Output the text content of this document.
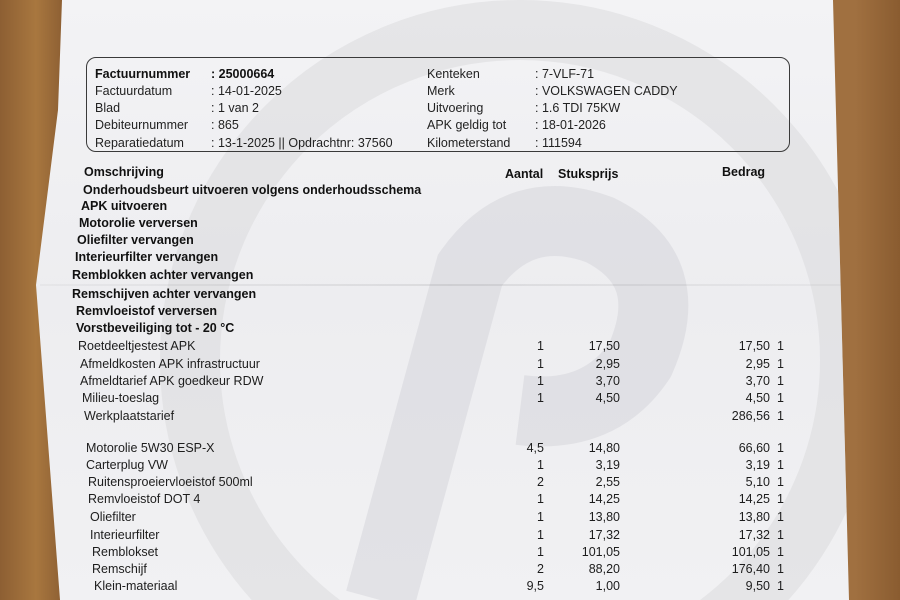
Factuurnummer : 25000664
Factuurdatum	: 14-01-2025
Blad	: 1 van 2
Debiteurnummer : 865
Reparatiedatum : 13-1-2025 || Opdrachtnr: 37560
Kenteken	: 7-VLF-71
Merk	: VOLKSWAGEN CADDY
Uitvoering	: 1.6 TDI 75KW
APK geldig tot : 18-01-2026
Kilometerstand : 111594
Omschrijving	Aantal Stuksprijs	Bedrag
Onderhoudsbeurt uitvoeren volgens onderhoudsschema
APK uitvoeren
Motorolie verversen
Oliefilter vervangen
Interieurfilter vervangen
Remblokken achter vervangen
Remschijven achter vervangen
Remvloeistof verversen
Vorstbeveiliging tot - 20 °C
Roetdeeltjestest APK	1	17,50	17,50 1
Afmeldkosten APK infrastructuur	1	2,95	2,95 1
Afmeldtarief APK goedkeur RDW	1	3,70	3,70 1
Milieu-toeslag	1	4,50	4,50 1
Werkplaatstarief	286,56 1
Motorolie 5W30 ESP-X	4,5	14,80	66,60 1
Carterplug VW	1	3,19	3,19 1
Ruitensproeiervloeistof 500ml	2	2,55	5,10 1
Remvloeistof DOT 4	1	14,25	14,25 1
Oliefilter	1	13,80	13,80 1
Interieurfilter	1	17,32	17,32 1
Remblokset	1	101,05	101,05 1
Remschijf	2	88,20	176,40 1
Klein-materiaal	9,5	1,00	9,50 1
